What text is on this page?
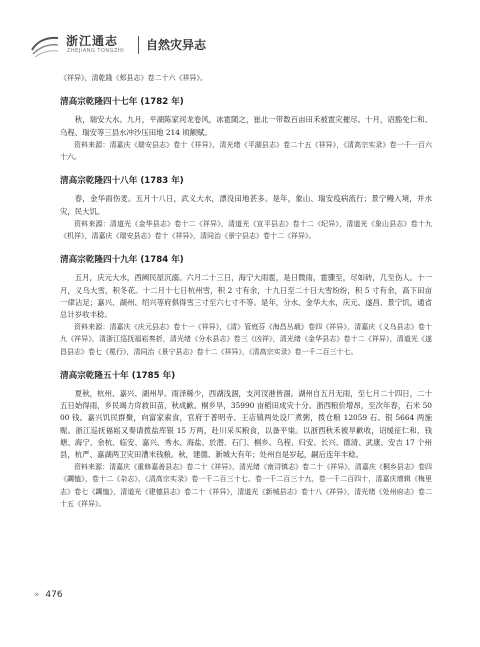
浙江通志
ZHEJIANG TONGZHI 自然灾异志

《祥异》，清乾隆《郏县志》卷二十六《祥异》。

清高宗乾隆四十七年 (1782 年)

秋，瑞安大水。九月，平湖陈家河龙卷风，冰雹随之，崔北一带数百亩田禾被雹灾摧尽。十月，诏豁免仁和、乌程、瑞安等三县水冲沙压田地 214 顷额赋。

资料来源：清嘉庆《瑞安县志》卷十《祥异》，清光绪《平湖县志》卷二十五《祥异》，《清高宗实录》卷一千一百六十六。

清高宗乾隆四十八年 (1783 年)

春，金华雨伤麦。五月十八日，武义大水，漂没田地甚多。是年，象山、瑞安疫病流行；景宁鳗入境，并水灾，民大饥。

资料来源：清道光《金华县志》卷十二《祥异》，清道光《宣平县志》卷十二《纪异》，清道光《象山县志》卷十九《机祥》，清嘉庆《瑞安县志》卷十《祥异》，清同治《景宁县志》卷十二《祥异》。

清高宗乾隆四十九年 (1784 年)

五月，庆元大水，西阙民屋沉溺。六月二十三日，海宁大雨雹，是日微雨，雹骤至，尽如砖，几至伤人。十一月，义乌大雪，积冬花。十二月十七日杭州雪，积 2 寸有余，十九日至二十日大雪纷纷，积 5 寸有余，高下田亩一律沾足；嘉兴、湖州、绍兴等府俱得雪三寸至六七寸不等。是年，分水、金华大水，庆元、遂昌、景宁饥，通省总计岁收丰稔。

资料来源：清嘉庆《庆元县志》卷十一《祥异》，《清》管庭芬《海昌丛载》卷四《祥异》，清嘉庆《义乌县志》卷十九《祥异》，清浙江巡抚福崧奏折，清光绪《分水县志》卷三《凶祥》，清光绪《金华县志》卷十二《祥异》，清道光《遂昌县志》卷七《冕行》，清同治《景宁县志》卷十二《祥异》，《清高宗实录》卷一千二百三十七。

清高宗乾隆五十年 (1785 年)

夏秋，杭州、嘉兴、湖州旱。雨泽稀少，西湖浅涸，支河汊港皆涸。湖州自五月无雨，至七月二十四日，二十五日始得雨，乡民竭力戽救田苗，秋成歉。桐乡旱，35990 亩稻田成灾十分。浙西粮价增昂，至次年春，石米 5000 钱。嘉兴饥民群聚，向富家索食，官府于普明寺、王店镇两处设厂煮粥，拨仓粮 12059 石、银 5664 两施赈。浙江巡抚福崧又奏请拨盐库银 15 万两，赴川采买粮食，以备平粜。以浙西秋禾被旱歉收，诏缓征仁和、钱塘、海宁、余杭、临安、嘉兴、秀水、海盐、於潜、石门、桐乡、乌程、归安、长兴、德清、武康、安吉 17 个州县，杭严、嘉湖两卫灾田漕米钱粮。秋，建德、新城大有年；处州自是岁起，嗣后连年丰稔。

资料来源：清嘉庆《重修嘉善县志》卷二十《祥异》，清光绪《南浔镇志》卷二十《祥异》，清嘉庆《桐乡县志》卷四《蠲恤》，卷十二《杂志》，《清高宗实录》卷一千二百三十七、卷一千二百三十九，卷一千二百四十，清嘉庆增辑《梅里志》卷七《蠲恤》，清道光《建德县志》卷二十《祥异》，清道光《新城县志》卷十八《祥异》，清光绪《处州府志》卷二十五《祥异》。

» 476
